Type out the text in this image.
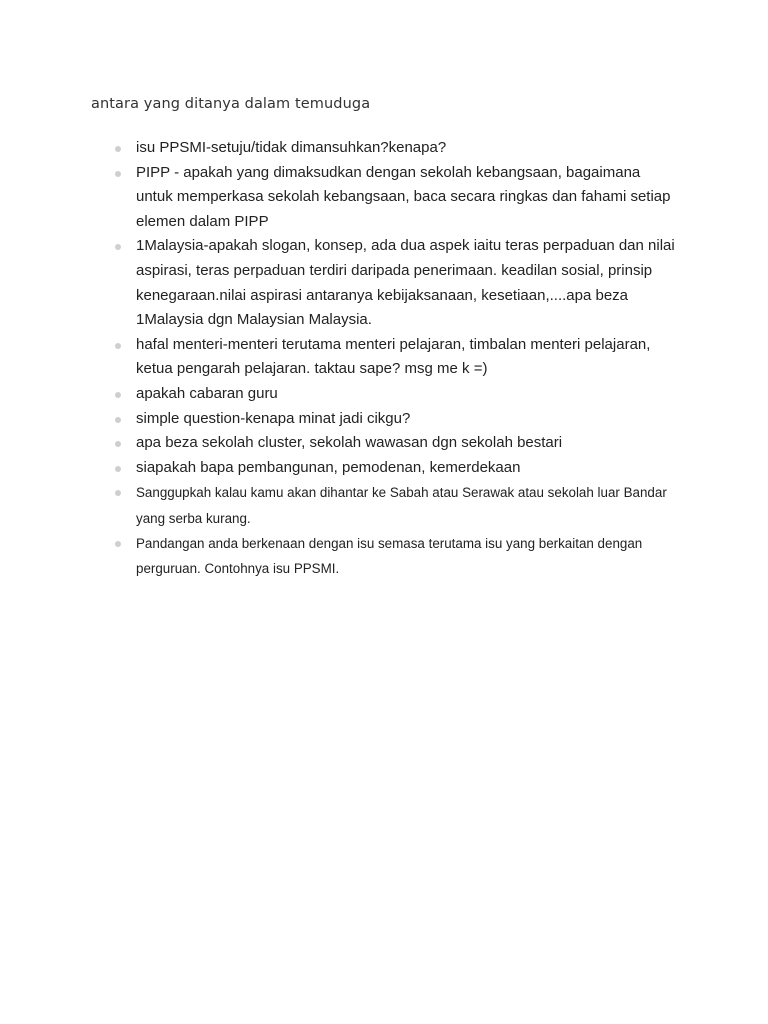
antara yang ditanya dalam temuduga
isu PPSMI-setuju/tidak dimansuhkan?kenapa?
PIPP - apakah yang dimaksudkan dengan sekolah kebangsaan, bagaimana untuk memperkasa sekolah kebangsaan, baca secara ringkas dan fahami setiap elemen dalam PIPP
1Malaysia-apakah slogan, konsep, ada dua aspek iaitu teras perpaduan dan nilai aspirasi, teras perpaduan terdiri daripada penerimaan. keadilan sosial, prinsip kenegaraan.nilai aspirasi antaranya kebijaksanaan, kesetiaan,....apa beza 1Malaysia dgn Malaysian Malaysia.
hafal menteri-menteri terutama menteri pelajaran, timbalan menteri pelajaran, ketua pengarah pelajaran. taktau sape? msg me k =)
apakah cabaran guru
simple question-kenapa minat jadi cikgu?
apa beza sekolah cluster, sekolah wawasan dgn sekolah bestari
siapakah bapa pembangunan, pemodenan, kemerdekaan
Sanggupkah kalau kamu akan dihantar ke Sabah atau Serawak atau sekolah luar Bandar yang serba kurang.
Pandangan anda berkenaan dengan isu semasa terutama isu yang berkaitan dengan perguruan. Contohnya isu PPSMI.
